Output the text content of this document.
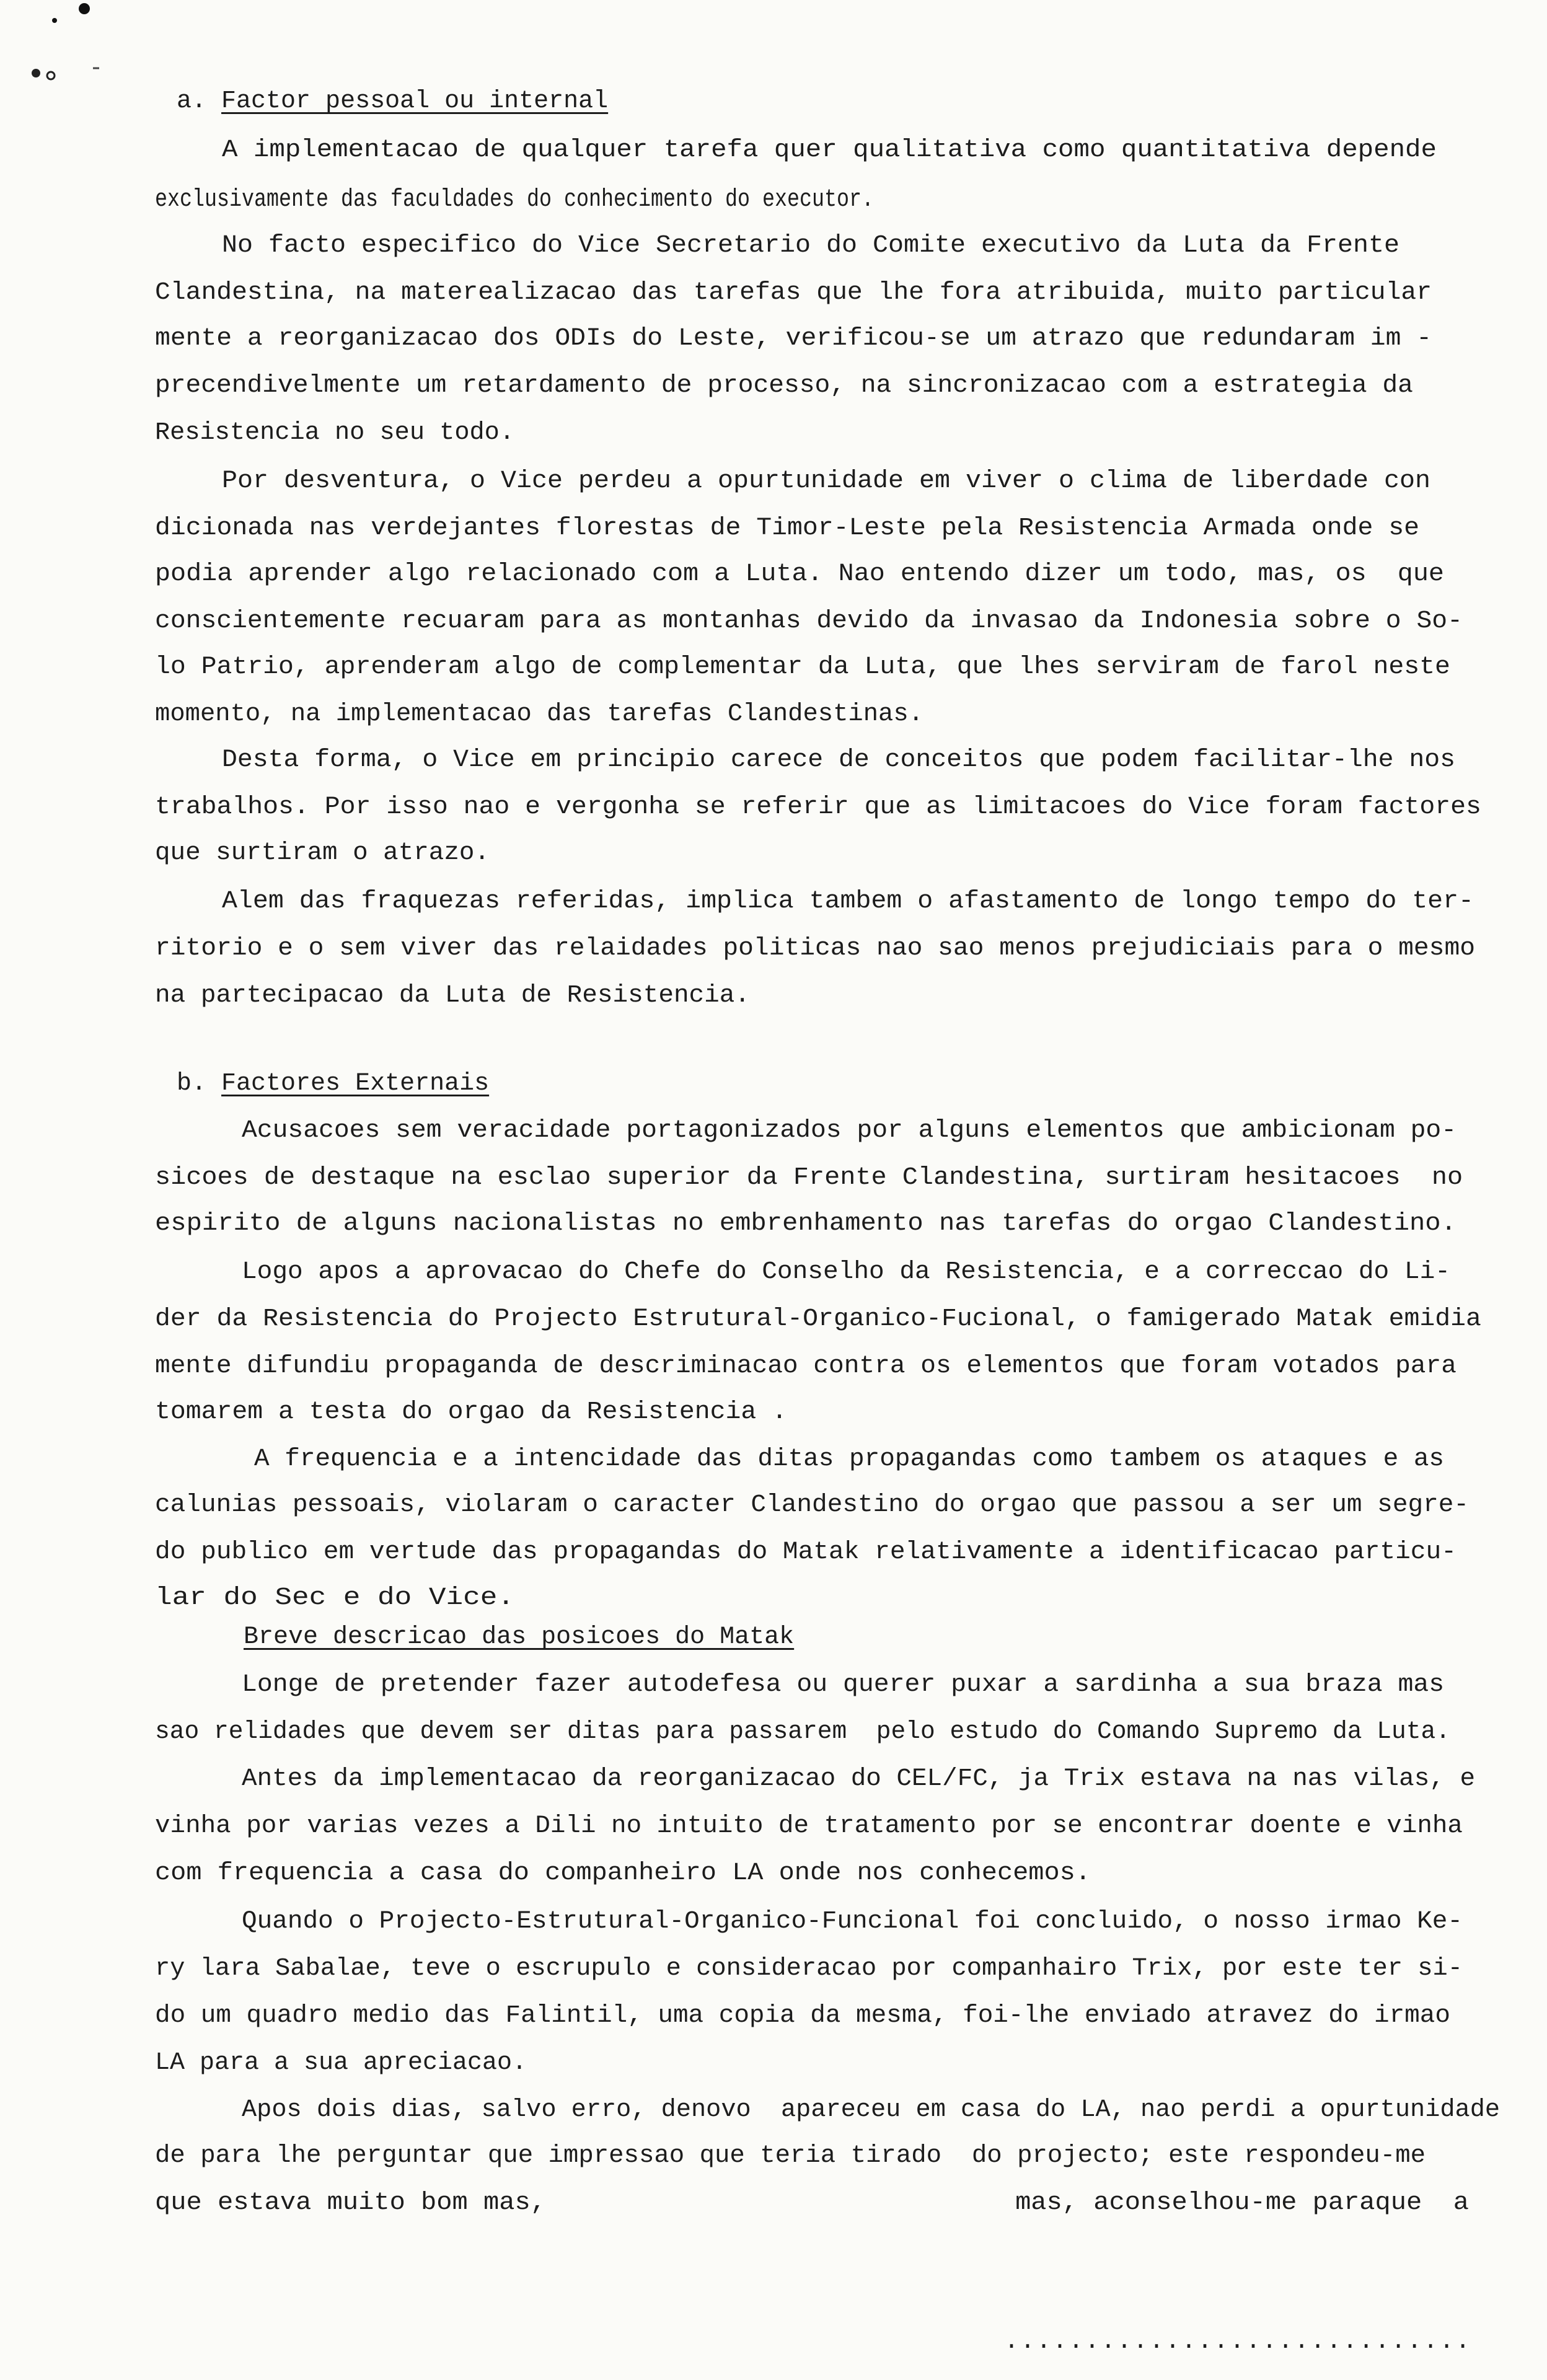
a. Factor pessoal ou internal
b. Factores Externais
Breve descricao das posicoes do Matak
A implementacao de qualquer tarefa quer qualitativa como quantitativa depende
exclusivamente das faculdades do conhecimento do executor.
No facto especifico do Vice Secretario do Comite executivo da Luta da Frente
Clandestina, na materealizacao das tarefas que lhe fora atribuida, muito particular
mente a reorganizacao dos ODIs do Leste, verificou-se um atrazo que redundaram im -
precendivelmente um retardamento de processo, na sincronizacao com a estrategia da
Resistencia no seu todo.
Por desventura, o Vice perdeu a opurtunidade em viver o clima de liberdade con
dicionada nas verdejantes florestas de Timor-Leste pela Resistencia Armada onde se
podia aprender algo relacionado com a Luta. Nao entendo dizer um todo, mas, os  que
conscientemente recuaram para as montanhas devido da invasao da Indonesia sobre o So-
lo Patrio, aprenderam algo de complementar da Luta, que lhes serviram de farol neste
momento, na implementacao das tarefas Clandestinas.
Desta forma, o Vice em principio carece de conceitos que podem facilitar-lhe nos
trabalhos. Por isso nao e vergonha se referir que as limitacoes do Vice foram factores
que surtiram o atrazo.
Alem das fraquezas referidas, implica tambem o afastamento de longo tempo do ter-
ritorio e o sem viver das relaidades politicas nao sao menos prejudiciais para o mesmo
na partecipacao da Luta de Resistencia.
Acusacoes sem veracidade portagonizados por alguns elementos que ambicionam po-
sicoes de destaque na esclao superior da Frente Clandestina, surtiram hesitacoes  no
espirito de alguns nacionalistas no embrenhamento nas tarefas do orgao Clandestino.
Logo apos a aprovacao do Chefe do Conselho da Resistencia, e a correccao do Li-
der da Resistencia do Projecto Estrutural-Organico-Fucional, o famigerado Matak emidia
mente difundiu propaganda de descriminacao contra os elementos que foram votados para
tomarem a testa do orgao da Resistencia .
A frequencia e a intencidade das ditas propagandas como tambem os ataques e as
calunias pessoais, violaram o caracter Clandestino do orgao que passou a ser um segre-
do publico em vertude das propagandas do Matak relativamente a identificacao particu-
lar do Sec e do Vice.
Longe de pretender fazer autodefesa ou querer puxar a sardinha a sua braza mas
sao relidades que devem ser ditas para passarem  pelo estudo do Comando Supremo da Luta.
Antes da implementacao da reorganizacao do CEL/FC, ja Trix estava na nas vilas, e
vinha por varias vezes a Dili no intuito de tratamento por se encontrar doente e vinha
com frequencia a casa do companheiro LA onde nos conhecemos.
Quando o Projecto-Estrutural-Organico-Funcional foi concluido, o nosso irmao Ke-
ry lara Sabalae, teve o escrupulo e consideracao por companhairo Trix, por este ter si-
do um quadro medio das Falintil, uma copia da mesma, foi-lhe enviado atravez do irmao
LA para a sua apreciacao.
Apos dois dias, salvo erro, denovo  apareceu em casa do LA, nao perdi a opurtunidade
de para lhe perguntar que impressao que teria tirado  do projecto; este respondeu-me
que estava muito bom mas,                              mas, aconselhou-me paraque  a
.............................
